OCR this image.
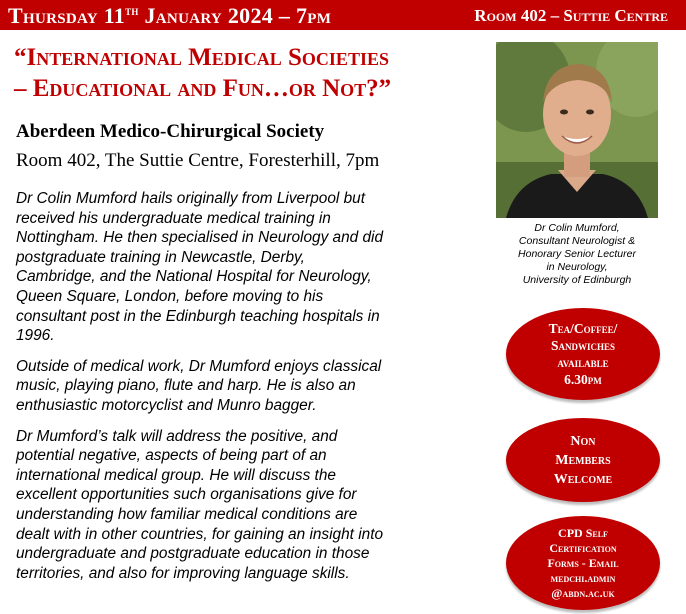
Thursday 11th January 2024 – 7pm	Room 402 – Suttie Centre
“International Medical Societies
– Educational and Fun…or Not?”
Aberdeen Medico-Chirurgical Society
Room 402, The Suttie Centre, Foresterhill, 7pm

Dr Colin Mumford hails originally from Liverpool but
received his undergraduate medical training in
Nottingham. He then specialised in Neurology and did
postgraduate training in Newcastle, Derby,
Cambridge, and the National Hospital for Neurology,
Queen Square, London, before moving to his
consultant post in the Edinburgh teaching hospitals in
1996.

Outside of medical work, Dr Mumford enjoys classical
music, playing piano, flute and harp. He is also an
enthusiastic motorcyclist and Munro bagger.

Dr Mumford’s talk will address the positive, and
potential negative, aspects of being part of an
international medical group. He will discuss the
excellent opportunities such organisations give for
understanding how familiar medical conditions are
dealt with in other countries, for gaining an insight into
undergraduate and postgraduate education in those
territories, and also for improving language skills.

Dr Colin Mumford,
Consultant Neurologist &
Honorary Senior Lecturer
in Neurology,
University of Edinburgh
Tea/Coffee/
Sandwiches
available
6.30pm
Non
Members
Welcome
CPD Self
Certification
Forms - Email
medchi.admin
@abdn.ac.uk
